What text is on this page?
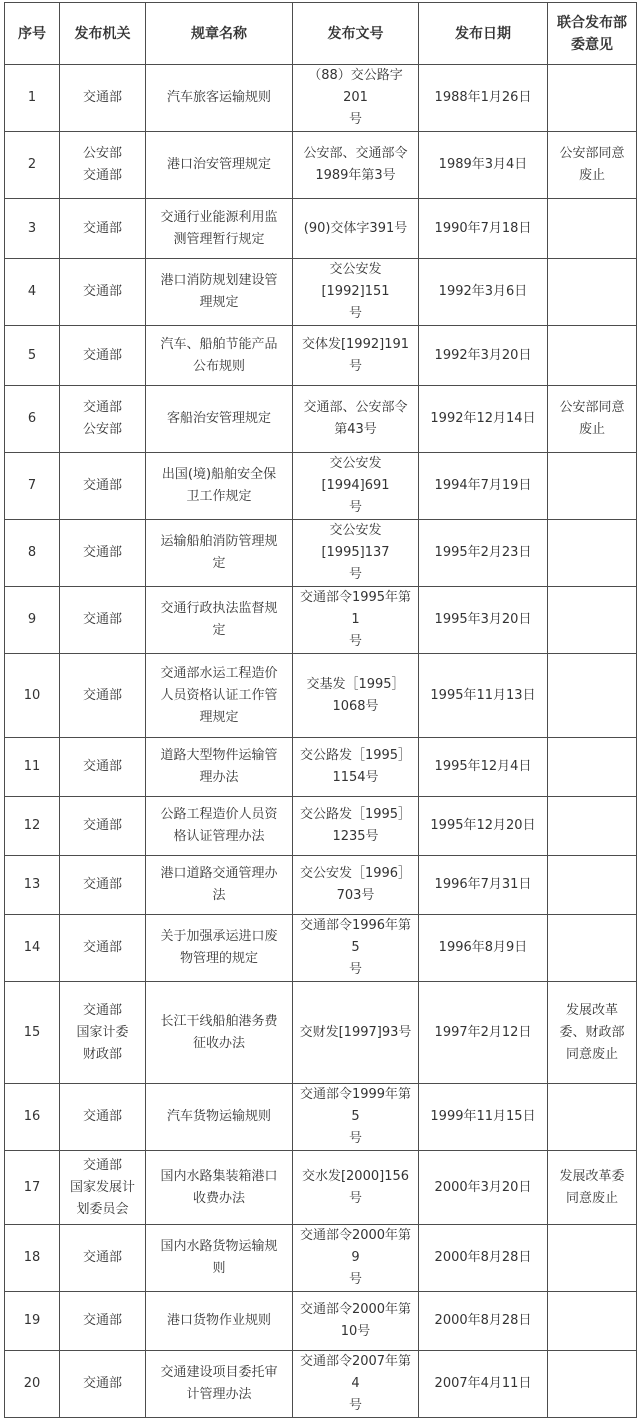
序号	发布机关	规章名称	发布文号	发布日期	联合发布部
委意见
1	交通部	汽车旅客运输规则	（88）交公路字201
号	1988年1月26日	
2	公安部
交通部	港口治安管理规定	公安部、交通部令
1989年第3号	1989年3月4日	公安部同意
废止
3	交通部	交通行业能源利用监
测管理暂行规定	(90)交体字391号	1990年7月18日	
4	交通部	港口消防规划建设管
理规定	交公安发[1992]151
号	1992年3月6日	
5	交通部	汽车、船舶节能产品
公布规则	交体发[1992]191号	1992年3月20日	
6	交通部
公安部	客船治安管理规定	交通部、公安部令
第43号	1992年12月14日	公安部同意
废止
7	交通部	出国(境)船舶安全保
卫工作规定	交公安发[1994]691
号	1994年7月19日	
8	交通部	运输船舶消防管理规
定	交公安发[1995]137
号	1995年2月23日	
9	交通部	交通行政执法监督规
定	交通部令1995年第1
号	1995年3月20日	
10	交通部	交通部水运工程造价
人员资格认证工作管
理规定	交基发［1995］
1068号	1995年11月13日	
11	交通部	道路大型物件运输管
理办法	交公路发［1995］
1154号	1995年12月4日	
12	交通部	公路工程造价人员资
格认证管理办法	交公路发［1995］
1235号	1995年12月20日	
13	交通部	港口道路交通管理办
法	交公安发［1996］
703号	1996年7月31日	
14	交通部	关于加强承运进口废
物管理的规定	交通部令1996年第5
号	1996年8月9日	
15	交通部
国家计委
财政部	长江干线船舶港务费
征收办法	交财发[1997]93号	1997年2月12日	发展改革
委、财政部
同意废止
16	交通部	汽车货物运输规则	交通部令1999年第5
号	1999年11月15日	
17	交通部
国家发展计
划委员会	国内水路集装箱港口
收费办法	交水发[2000]156号	2000年3月20日	发展改革委
同意废止
18	交通部	国内水路货物运输规
则	交通部令2000年第9
号	2000年8月28日	
19	交通部	港口货物作业规则	交通部令2000年第
10号	2000年8月28日	
20	交通部	交通建设项目委托审
计管理办法	交通部令2007年第4
号	2007年4月11日	
